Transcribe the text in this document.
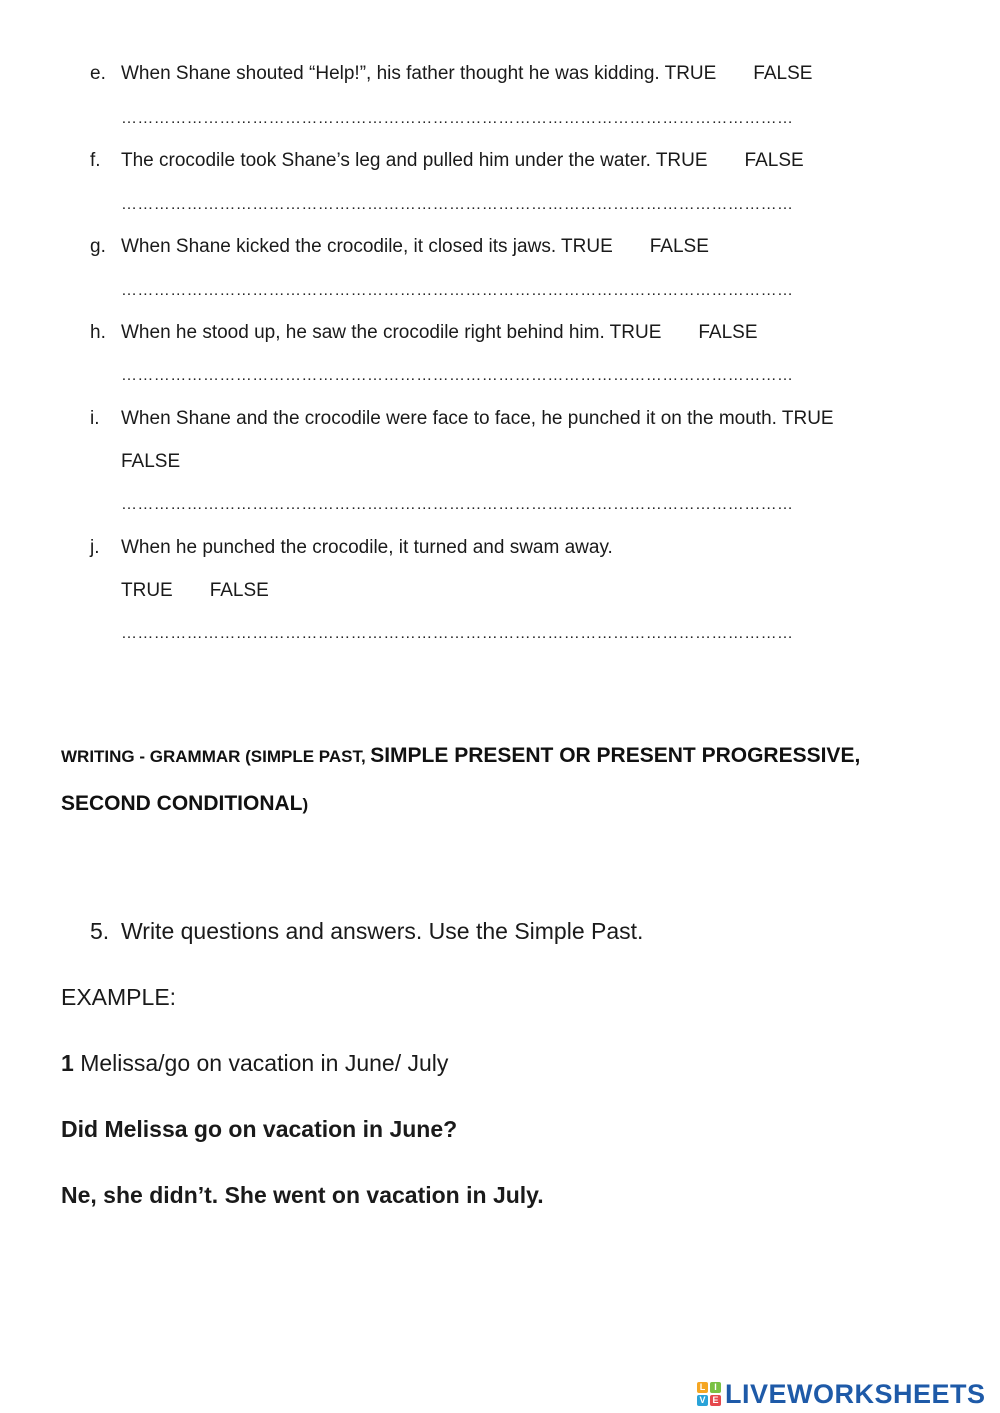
e. When Shane shouted “Help!”, his father thought he was kidding. TRUE FALSE
……………………………………………………………………………………………………………
f.	The crocodile took Shane’s leg and pulled him under the water. TRUE FALSE
……………………………………………………………………………………………………………
g. When Shane kicked the crocodile, it closed its jaws. TRUE FALSE
……………………………………………………………………………………………………………
h. When he stood up, he saw the crocodile right behind him. TRUE FALSE
……………………………………………………………………………………………………………
i.	When Shane and the crocodile were face to face, he punched it on the mouth. TRUE
FALSE
……………………………………………………………………………………………………………
j.	When he punched the crocodile, it turned and swam away.
TRUE FALSE
……………………………………………………………………………………………………………
WRITING - GRAMMAR (SIMPLE PAST, SIMPLE PRESENT OR PRESENT PROGRESSIVE,
SECOND CONDITIONAL)
5. Write questions and answers. Use the Simple Past.
EXAMPLE:
1 Melissa/go on vacation in June/ July
Did Melissa go on vacation in June?
Ne, she didn’t. She went on vacation in July.
L I
V E LIVEWORKSHEETS
